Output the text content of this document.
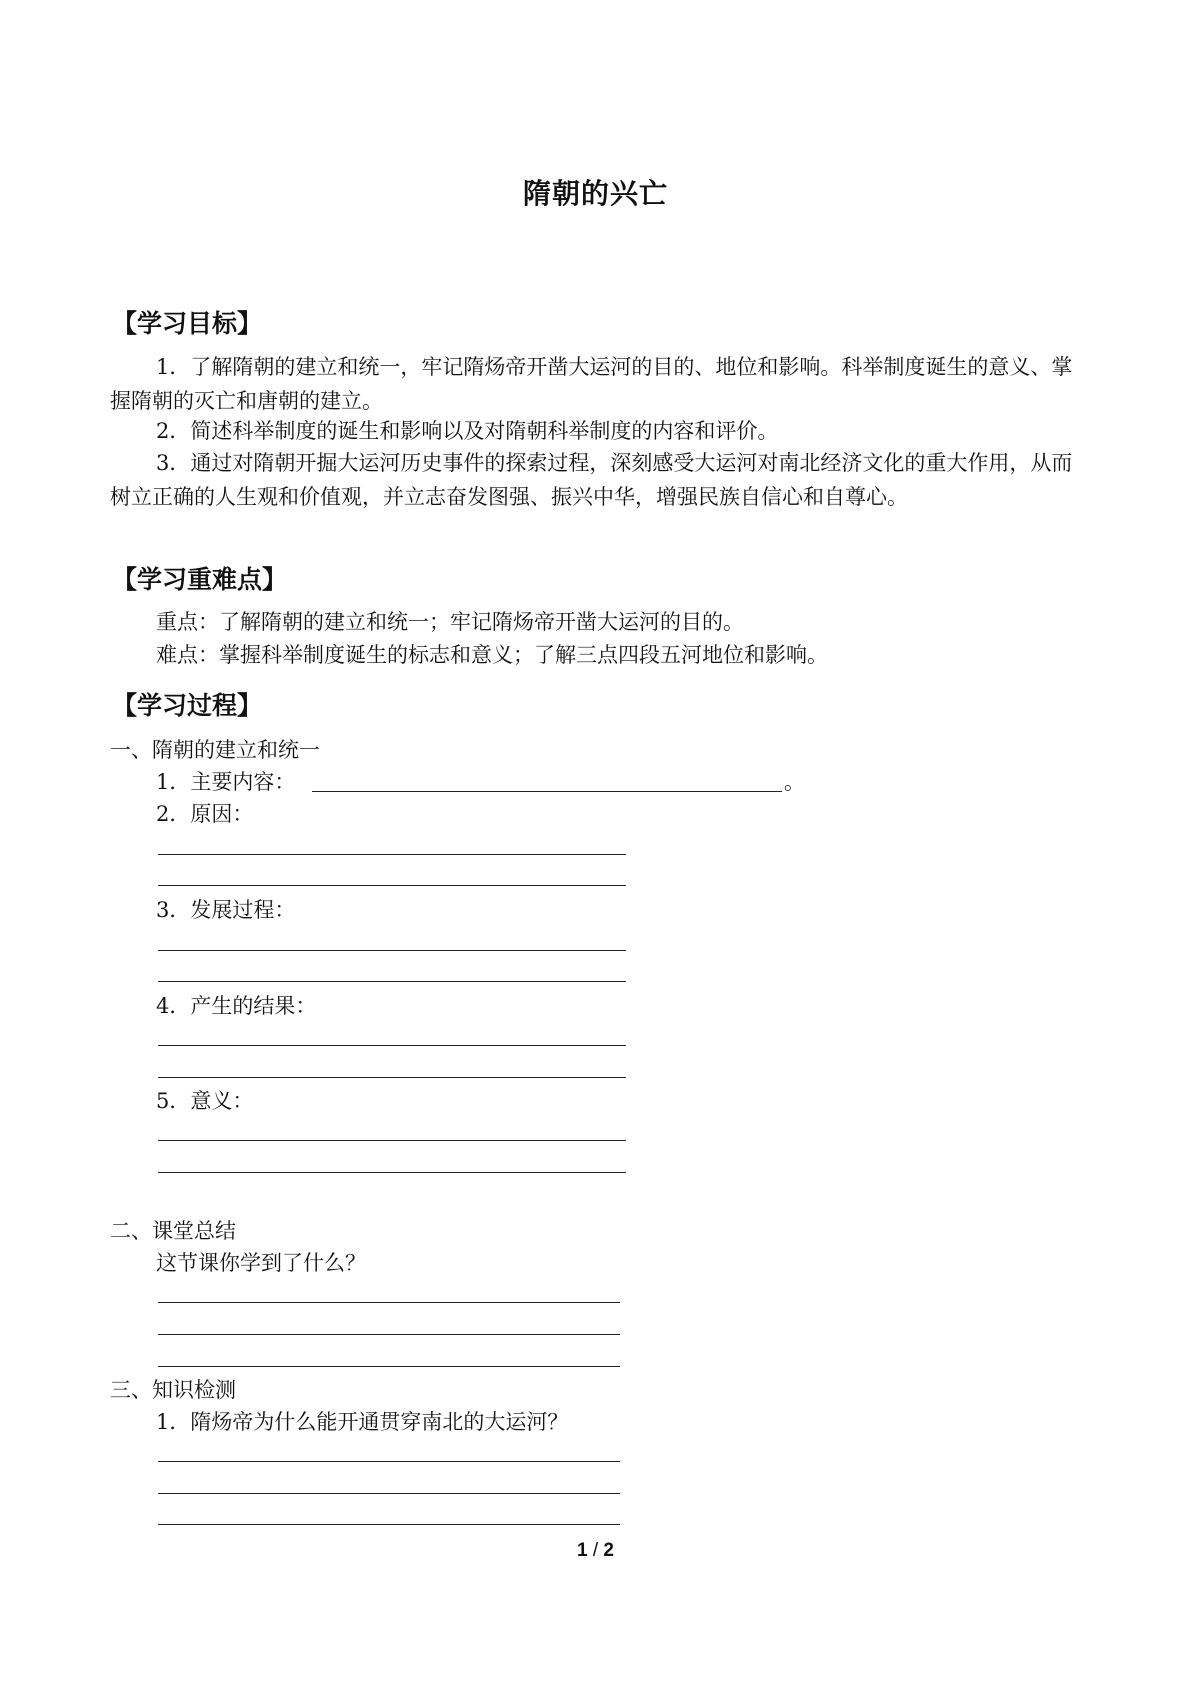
隋朝的兴亡
【学习目标】
1．了解隋朝的建立和统一，牢记隋炀帝开凿大运河的目的、地位和影响。科举制度诞生的意义、掌握隋朝的灭亡和唐朝的建立。
2．简述科举制度的诞生和影响以及对隋朝科举制度的内容和评价。
3．通过对隋朝开掘大运河历史事件的探索过程，深刻感受大运河对南北经济文化的重大作用，从而树立正确的人生观和价值观，并立志奋发图强、振兴中华，增强民族自信心和自尊心。
【学习重难点】
重点：了解隋朝的建立和统一；牢记隋炀帝开凿大运河的目的。
难点：掌握科举制度诞生的标志和意义；了解三点四段五河地位和影响。
【学习过程】
一、隋朝的建立和统一
1．主要内容：	。
2．原因：
3．发展过程：
4．产生的结果：
5．意义：
二、课堂总结
这节课你学到了什么？
三、知识检测
1．隋炀帝为什么能开通贯穿南北的大运河？
1 / 2
